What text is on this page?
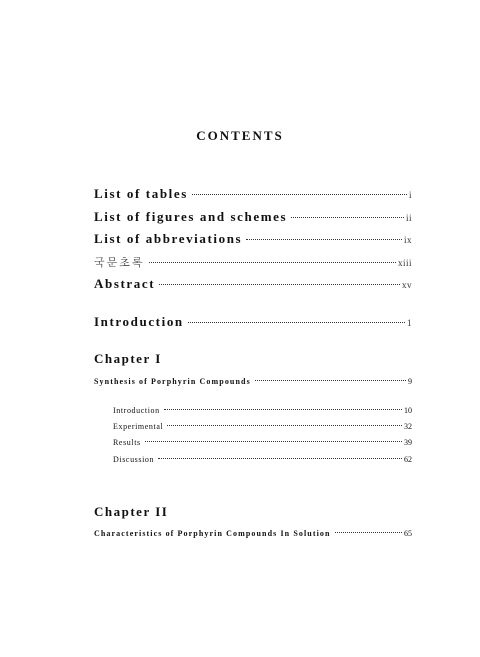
CONTENTS
List of tables	i
List of figures and schemes	ii
List of abbreviations	ix
국문초록	xiii
Abstract	xv
Introduction	1
Chapter I
Synthesis of Porphyrin Compounds	9
Introduction	10
Experimental	32
Results	39
Discussion	62
Chapter II
Characteristics of Porphyrin Compounds In Solution	65
